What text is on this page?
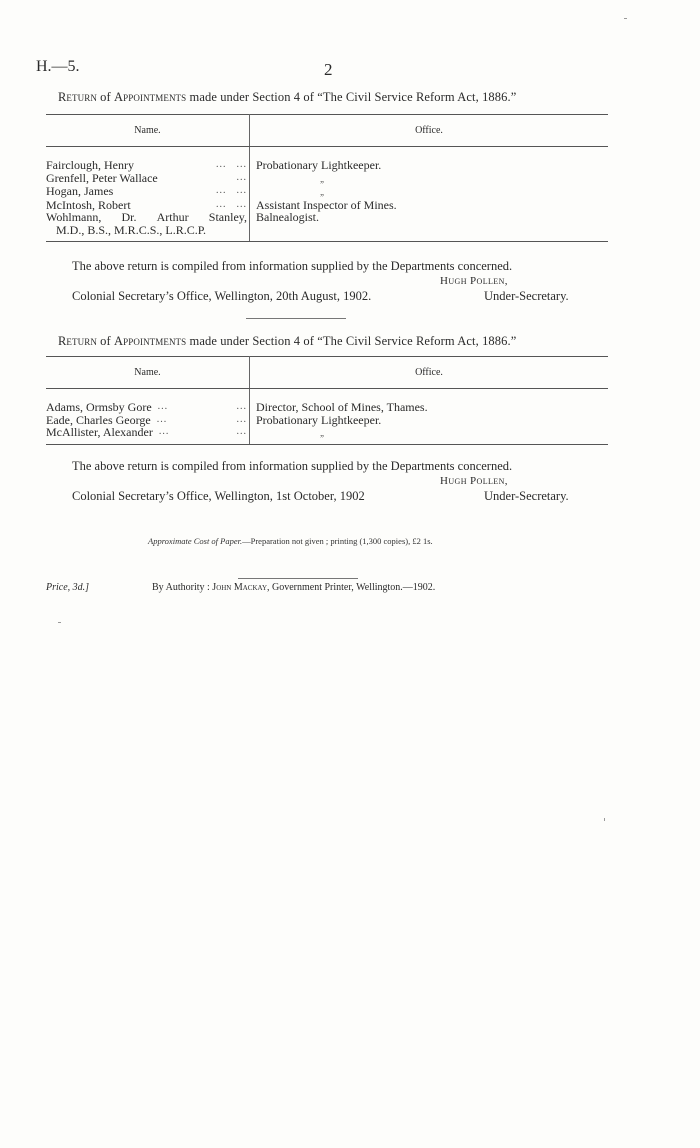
H.—5.	2
Return of Appointments made under Section 4 of “The Civil Service Reform Act, 1886.”
Name.	Office.

Fairclough, Henry ... ...	Probationary Lightkeeper.

Grenfell, Peter Wallace ...	„

Hogan, James ... ...	„

McIntosh, Robert ... ...	Assistant Inspector of Mines.

Wohlmann, Dr. Arthur Stanley,	Balnealogist.

M.D., B.S., M.R.C.S., L.R.C.P.	

The above return is compiled from information supplied by the Departments concerned.
Hugh Pollen,
Colonial Secretary’s Office, Wellington, 20th August, 1902.	Under-Secretary.
Return of Appointments made under Section 4 of “The Civil Service Reform Act, 1886.”
Name.	Office.

Adams, Ormsby Gore ... ...	Director, School of Mines, Thames.

Eade, Charles George ... ...	Probationary Lightkeeper.

McAllister, Alexander ... ...	„
The above return is compiled from information supplied by the Departments concerned.
Hugh Pollen,
Colonial Secretary’s Office, Wellington, 1st October, 1902	Under-Secretary.
Approximate Cost of Paper.—Preparation not given ; printing (1,300 copies), £2 1s.
Price, 3d.]	By Authority : John Mackay, Government Printer, Wellington.—1902.
